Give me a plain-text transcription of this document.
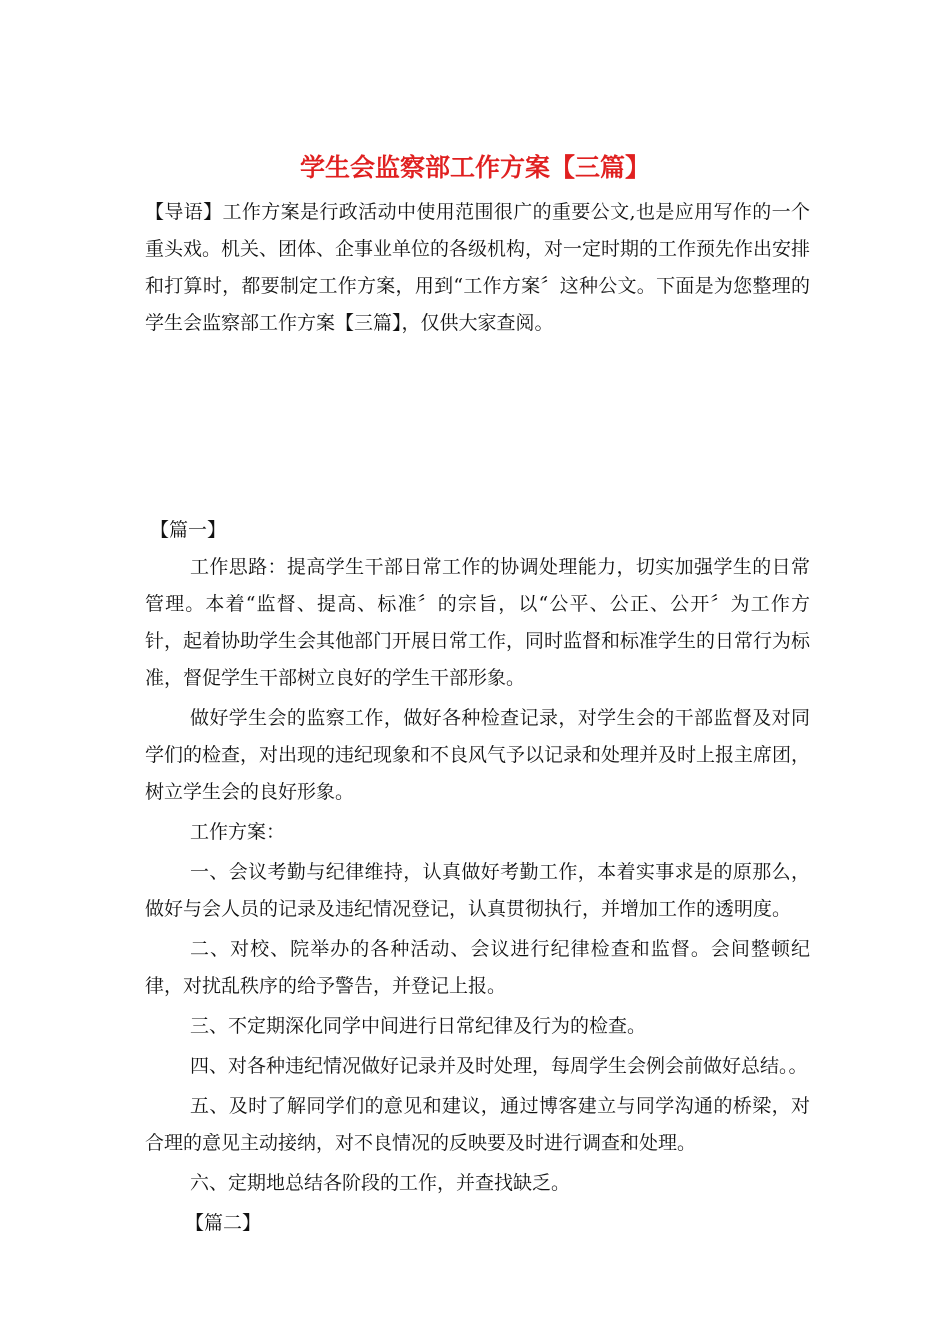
学生会监察部工作方案【三篇】

【导语】工作方案是行政活动中使用范围很广的重要公文,也是应用写作的一个重头戏。机关、团体、企事业单位的各级机构，对一定时期的工作预先作出安排和打算时，都要制定工作方案，用到“工作方案〞这种公文。下面是为您整理的学生会监察部工作方案【三篇】，仅供大家查阅。

【篇一】

工作思路：提高学生干部日常工作的协调处理能力，切实加强学生的日常管理。本着“监督、提高、标准〞的宗旨，以“公平、公正、公开〞为工作方针，起着协助学生会其他部门开展日常工作，同时监督和标准学生的日常行为标准，督促学生干部树立良好的学生干部形象。

做好学生会的监察工作，做好各种检查记录，对学生会的干部监督及对同学们的检查，对出现的违纪现象和不良风气予以记录和处理并及时上报主席团，树立学生会的良好形象。

工作方案：

一、会议考勤与纪律维持，认真做好考勤工作，本着实事求是的原那么，做好与会人员的记录及违纪情况登记，认真贯彻执行，并增加工作的透明度。

二、对校、院举办的各种活动、会议进行纪律检查和监督。会间整顿纪律，对扰乱秩序的给予警告，并登记上报。

三、不定期深化同学中间进行日常纪律及行为的检查。

四、对各种违纪情况做好记录并及时处理，每周学生会例会前做好总结。。

五、及时了解同学们的意见和建议，通过博客建立与同学沟通的桥梁，对合理的意见主动接纳，对不良情况的反映要及时进行调查和处理。

六、定期地总结各阶段的工作，并查找缺乏。

【篇二】
